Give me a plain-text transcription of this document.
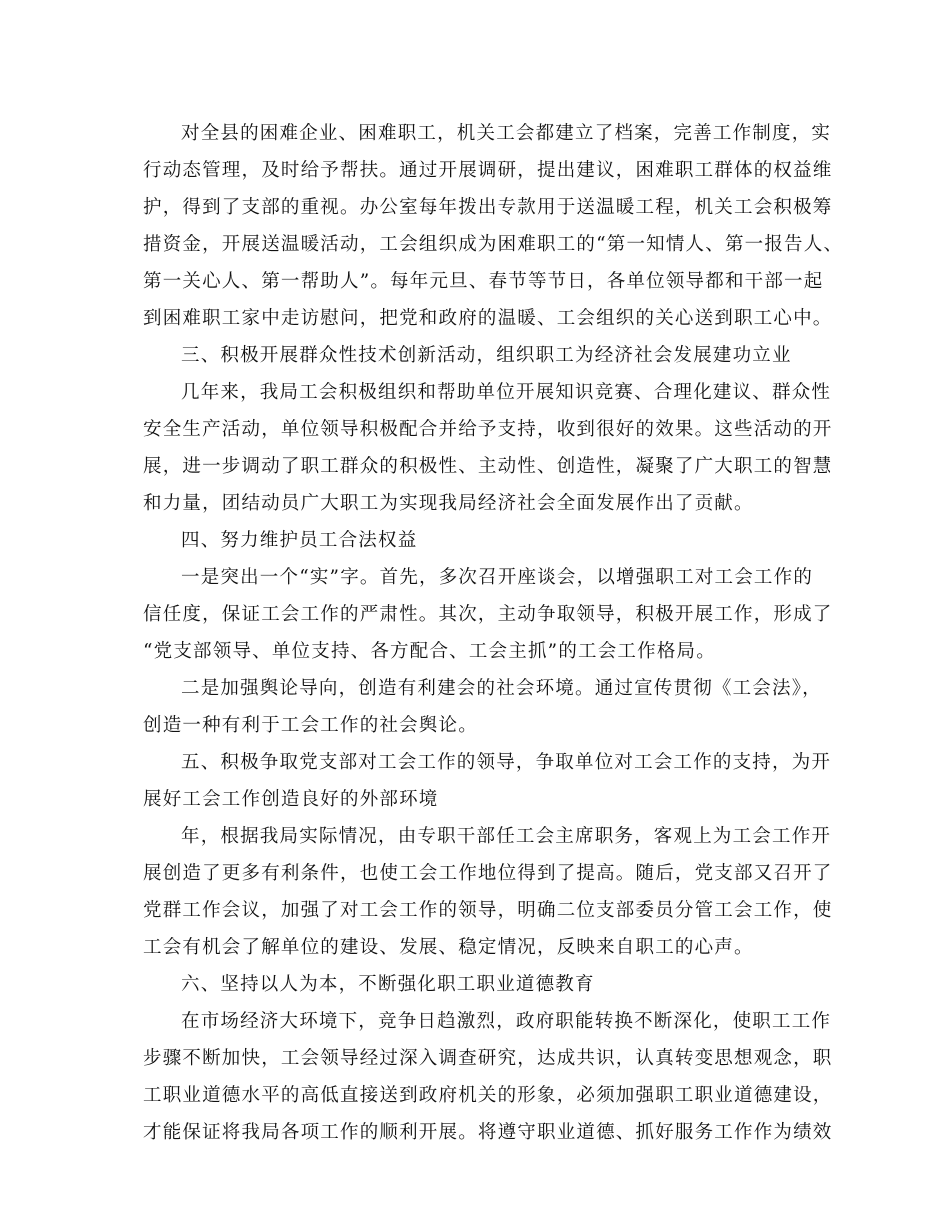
对全县的困难企业、困难职工，机关工会都建立了档案，完善工作制度，实
行动态管理，及时给予帮扶。通过开展调研，提出建议，困难职工群体的权益维
护，得到了支部的重视。办公室每年拨出专款用于送温暖工程，机关工会积极筹
措资金，开展送温暖活动，工会组织成为困难职工的“第一知情人、第一报告人、
第一关心人、第一帮助人”。每年元旦、春节等节日，各单位领导都和干部一起
到困难职工家中走访慰问，把党和政府的温暖、工会组织的关心送到职工心中。

三、积极开展群众性技术创新活动，组织职工为经济社会发展建功立业

几年来，我局工会积极组织和帮助单位开展知识竞赛、合理化建议、群众性
安全生产活动，单位领导积极配合并给予支持，收到很好的效果。这些活动的开
展，进一步调动了职工群众的积极性、主动性、创造性，凝聚了广大职工的智慧
和力量，团结动员广大职工为实现我局经济社会全面发展作出了贡献。

四、努力维护员工合法权益

一是突出一个“实”字。首先，多次召开座谈会，以增强职工对工会工作的
信任度，保证工会工作的严肃性。其次，主动争取领导，积极开展工作，形成了
“党支部领导、单位支持、各方配合、工会主抓”的工会工作格局。

二是加强舆论导向，创造有利建会的社会环境。通过宣传贯彻《工会法》，
创造一种有利于工会工作的社会舆论。

五、积极争取党支部对工会工作的领导，争取单位对工会工作的支持，为开
展好工会工作创造良好的外部环境

年，根据我局实际情况，由专职干部任工会主席职务，客观上为工会工作开
展创造了更多有利条件，也使工会工作地位得到了提高。随后，党支部又召开了
党群工作会议，加强了对工会工作的领导，明确二位支部委员分管工会工作，使
工会有机会了解单位的建设、发展、稳定情况，反映来自职工的心声。

六、坚持以人为本，不断强化职工职业道德教育

在市场经济大环境下，竞争日趋激烈，政府职能转换不断深化，使职工工作
步骤不断加快，工会领导经过深入调查研究，达成共识，认真转变思想观念，职
工职业道德水平的高低直接送到政府机关的形象，必须加强职工职业道德建设，
才能保证将我局各项工作的顺利开展。将遵守职业道德、抓好服务工作作为绩效
